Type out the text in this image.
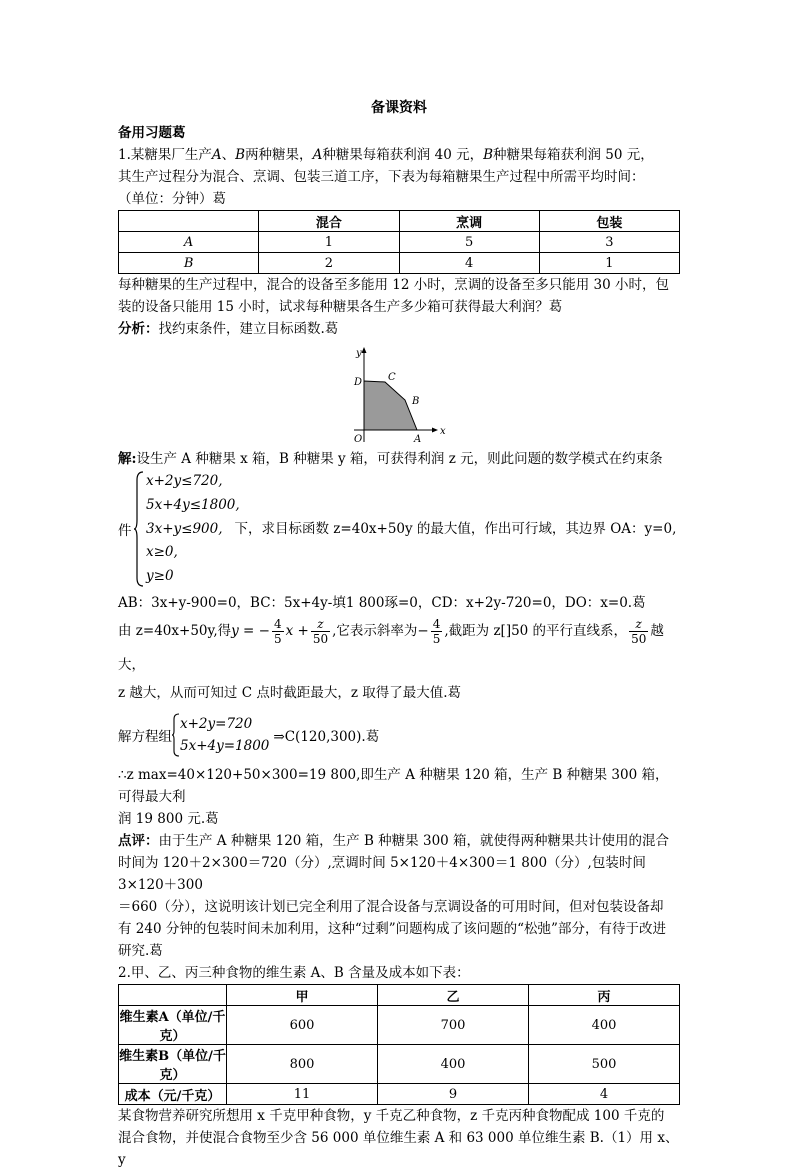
备课资料

备用习题葛

1.某糖果厂生产A、B两种糖果，A种糖果每箱获利润 40 元，B种糖果每箱获利润 50 元，

其生产过程分为混合、烹调、包装三道工序，下表为每箱糖果生产过程中所需平均时间：

（单位：分钟）葛

	混合	烹调	包装
A	1	5	3
B	2	4	1

每种糖果的生产过程中，混合的设备至多能用 12 小时，烹调的设备至多只能用 30 小时，包

装的设备只能用 15 小时，试求每种糖果各生产多少箱可获得最大利润？葛

分析：找约束条件，建立目标函数.葛

y
x
O
D	C
B
A

解:设生产 A 种糖果 x 箱，B 种糖果 y 箱，可获得利润 z 元，则此问题的数学模式在约束条

件
x+2y≤720,
5x+4y≤1800,
3x+y≤900, 下，求目标函数 z=40x+50y 的最大值，作出可行域，其边界 OA：y=0,
x≥0,
y≥0

AB：3x+y-900=0，BC：5x+4y-填1 800琢=0，CD：x+2y-720=0，DO：x=0.葛

由 z=40x+50y,得y = − $\frac{4}{5}$ $x + \frac{z}{50}$ ,它表示斜率为− $\frac{4}{5}$ ,截距为 z[]50 的平行直线系， $\frac{z}{50}$ 越大，

z 越大，从而可知过 C 点时截距最大，z 取得了最大值.葛

解方程组
x+2y=720
5x+4y=1800
⇒C(120,300).葛

∴z max=40×120+50×300=19 800,即生产 A 种糖果 120 箱，生产 B 种糖果 300 箱，可得最大利

润 19 800 元.葛

点评：由于生产 A 种糖果 120 箱，生产 B 种糖果 300 箱，就使得两种糖果共计使用的混合

时间为 120＋2×300＝720（分）,烹调时间 5×120＋4×300＝1 800（分）,包装时间 3×120＋300

＝660（分），这说明该计划已完全利用了混合设备与烹调设备的可用时间，但对包装设备却

有 240 分钟的包装时间未加利用，这种“过剩”问题构成了该问题的“松弛”部分，有待于改进

研究.葛

2.甲、乙、丙三种食物的维生素 A、B 含量及成本如下表：

	甲	乙	丙
维生素A（单位/千克）	600	700	400
维生素B（单位/千克）	800	400	500
成本（元/千克）	11	9	4

某食物营养研究所想用 x 千克甲种食物，y 千克乙种食物，z 千克丙种食物配成 100 千克的

混合食物，并使混合食物至少含 56 000 单位维生素 A 和 63 000 单位维生素 B.（1）用 x、y
